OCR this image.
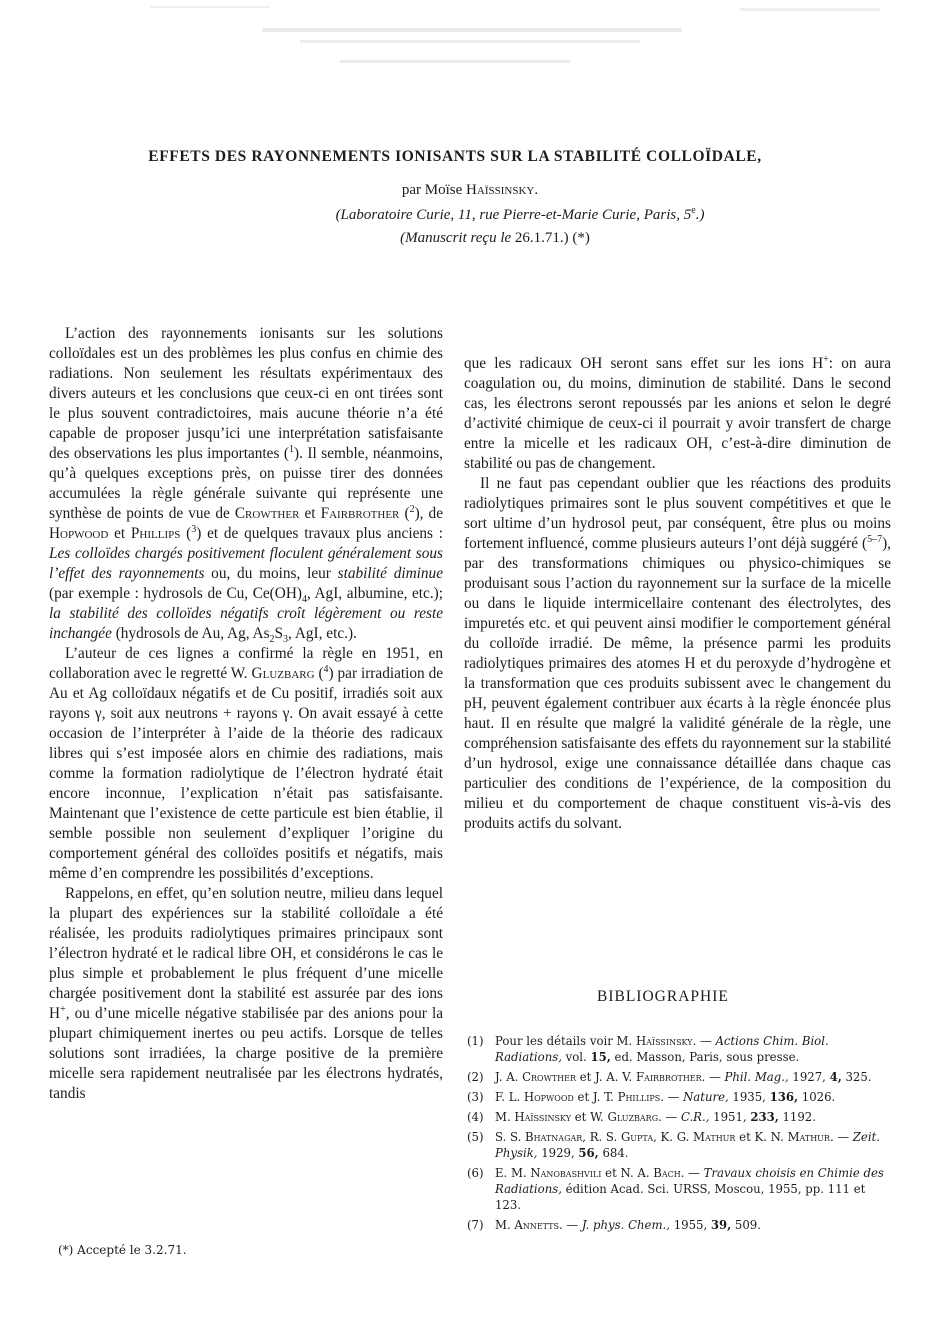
EFFETS DES RAYONNEMENTS IONISANTS SUR LA STABILITÉ COLLOÏDALE,
par Moïse Haïssinsky.
(Laboratoire Curie, 11, rue Pierre-et-Marie Curie, Paris, 5e.)
(Manuscrit reçu le 26.1.71.) (*)

L’action des rayonnements ionisants sur les solutions colloïdales est un des problèmes les plus confus en chimie des radiations. Non seulement les résultats expérimentaux des divers auteurs et les conclusions que ceux-ci en ont tirées sont le plus souvent contradictoires, mais aucune théorie n’a été capable de proposer jusqu’ici une interprétation satisfaisante des observations les plus importantes ($^1$). Il semble, néanmoins, qu’à quelques exceptions près, on puisse tirer des données accumulées la règle générale suivante qui représente une synthèse de points de vue de Crowther et Fairbrother ($^2$), de Hopwood et Phillips ($^3$) et de quelques travaux plus anciens : Les colloïdes chargés positivement floculent généralement sous l’effet des rayonnements ou, du moins, leur stabilité diminue (par exemple : hydrosols de Cu, $Ce(OH)_4$, AgI, albumine, etc.); la stabilité des colloïdes négatifs croît légèrement ou reste inchangée (hydrosols de Au, Ag, $As_2S_3$, AgI, etc.).

L’auteur de ces lignes a confirmé la règle en 1951, en collaboration avec le regretté W. Gluzbarg ($^4$) par irradiation de Au et Ag colloïdaux négatifs et de Cu positif, irradiés soit aux rayons γ, soit aux neutrons + rayons γ. On avait essayé à cette occasion de l’interpréter à l’aide de la théorie des radicaux libres qui s’est imposée alors en chimie des radiations, mais comme la formation radiolytique de l’électron hydraté était encore inconnue, l’explication n’était pas satisfaisante. Maintenant que l’existence de cette particule est bien établie, il semble possible non seulement d’expliquer l’origine du comportement général des colloïdes positifs et négatifs, mais même d’en comprendre les possibilités d’exceptions.

Rappelons, en effet, qu’en solution neutre, milieu dans lequel la plupart des expériences sur la stabilité colloïdale a été réalisée, les produits radiolytiques primaires principaux sont l’électron hydraté et le radical libre OH, et considérons le cas le plus simple et probablement le plus fréquent d’une micelle chargée positivement dont la stabilité est assurée par des ions H+, ou d’une micelle négative stabilisée par des anions pour la plupart chimiquement inertes ou peu actifs. Lorsque de telles solutions sont irradiées, la charge positive de la première micelle sera rapidement neutralisée par les électrons hydratés, tandis

que les radicaux OH seront sans effet sur les ions H+: on aura coagulation ou, du moins, diminution de stabilité. Dans le second cas, les électrons seront repoussés par les anions et selon le degré d’activité chimique de ceux-ci il pourrait y avoir transfert de charge entre la micelle et les radicaux OH, c’est-à-dire diminution de stabilité ou pas de changement.

Il ne faut pas cependant oublier que les réactions des produits radiolytiques primaires sont le plus souvent compétitives et que le sort ultime d’un hydrosol peut, par conséquent, être plus ou moins fortement influencé, comme plusieurs auteurs l’ont déjà suggéré ($^{5-7}$), par des transformations chimiques ou physico-chimiques se produisant sous l’action du rayonnement sur la surface de la micelle ou dans le liquide intermicellaire contenant des électrolytes, des impuretés etc. et qui peuvent ainsi modifier le comportement général du colloïde irradié. De même, la présence parmi les produits radiolytiques primaires des atomes H et du peroxyde d’hydrogène et la transformation que ces produits subissent avec le changement du pH, peuvent également contribuer aux écarts à la règle énoncée plus haut. Il en résulte que malgré la validité générale de la règle, une compréhension satisfaisante des effets du rayonnement sur la stabilité d’un hydrosol, exige une connaissance détaillée dans chaque cas particulier des conditions de l’expérience, de la composition du milieu et du comportement de chaque constituent vis-à-vis des produits actifs du solvant.

BIBLIOGRAPHIE
(1) Pour les détails voir M. Haïssinsky. — Actions Chim. Biol. Radiations, vol. 15, ed. Masson, Paris, sous presse.
(2) J. A. Crowther et J. A. V. Fairbrother. — Phil. Mag., 1927, 4, 325.
(3) F. L. Hopwood et J. T. Phillips. — Nature, 1935, 136, 1026.
(4) M. Haïssinsky et W. Gluzbarg. — C.R., 1951, 233, 1192.
(5) S. S. Bhatnagar, R. S. Gupta, K. G. Mathur et K. N. Mathur. — Zeit. Physik, 1929, 56, 684.
(6) E. M. Nanobashvili et N. A. Bach. — Travaux choisis en Chimie des Radiations, édition Acad. Sci. URSS, Moscou, 1955, pp. 111 et 123.
(7) M. Annetts. — J. phys. Chem., 1955, 39, 509.
(*) Accepté le 3.2.71.
